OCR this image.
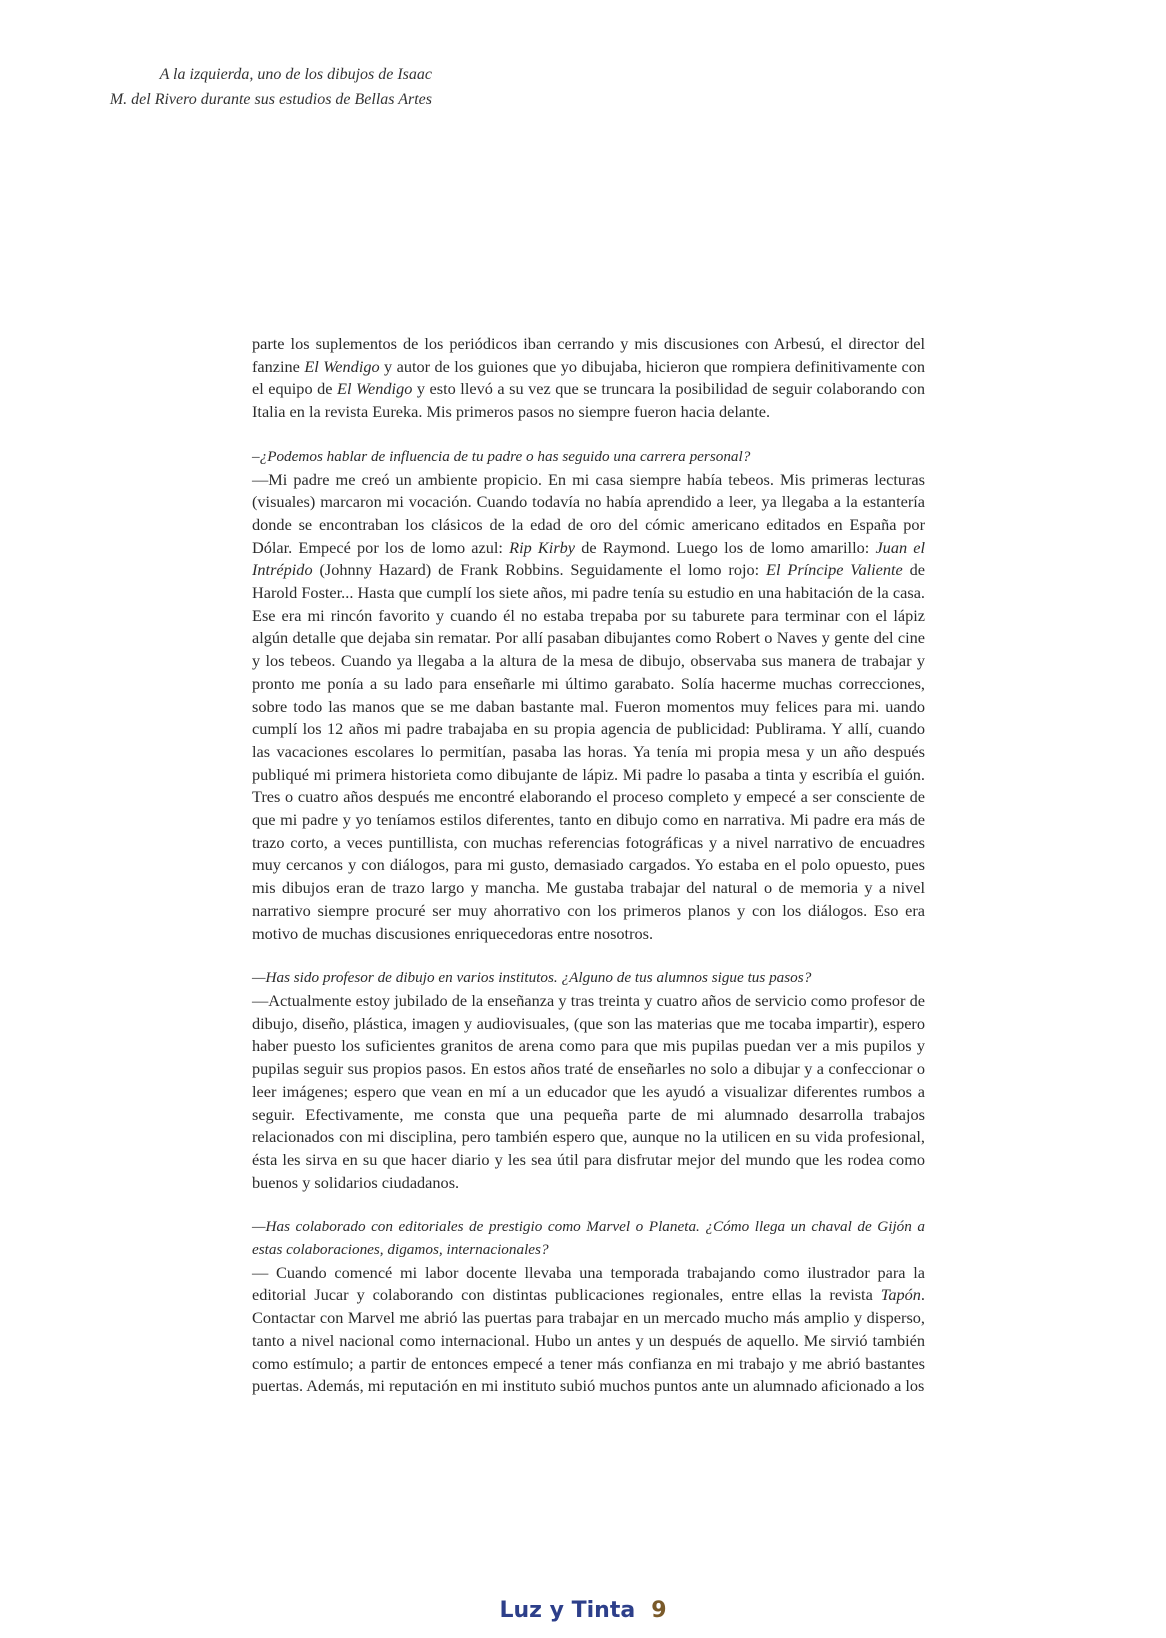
A la izquierda, uno de los dibujos de Isaac

M. del Rivero durante sus estudios de Bellas Artes

parte los suplementos de los periódicos iban cerrando y mis discusiones con Arbesú, el director del fanzine El Wendigo y autor de los guiones que yo dibujaba, hicieron que rompiera definitivamente con el equipo de El Wendigo y esto llevó a su vez que se truncara la posibilidad de seguir colaborando con Italia en la revista Eureka. Mis primeros pasos no siempre fueron hacia delante.

–¿Podemos hablar de influencia de tu padre o has seguido una carrera personal?

—Mi padre me creó un ambiente propicio. En mi casa siempre había tebeos. Mis primeras lecturas (visuales) marcaron mi vocación. Cuando todavía no había aprendido a leer, ya llegaba a la estantería donde se encontraban los clásicos de la edad de oro del cómic americano editados en España por Dólar. Empecé por los de lomo azul: Rip Kirby de Raymond. Luego los de lomo amarillo: Juan el Intrépido (Johnny Hazard) de Frank Robbins. Seguidamente el lomo rojo: El Príncipe Valiente de Harold Foster... Hasta que cumplí los siete años, mi padre tenía su estudio en una habitación de la casa. Ese era mi rincón favorito y cuando él no estaba trepaba por su taburete para terminar con el lápiz algún detalle que dejaba sin rematar. Por allí pasaban dibujantes como Robert o Naves y gente del cine y los tebeos. Cuando ya llegaba a la altura de la mesa de dibujo, observaba sus manera de trabajar y pronto me ponía a su lado para enseñarle mi último garabato. Solía hacerme muchas correcciones, sobre todo las manos que se me daban bastante mal. Fueron momentos muy felices para mi. uando cumplí los 12 años mi padre trabajaba en su propia agencia de publicidad: Publirama. Y allí, cuando las vacaciones escolares lo permitían, pasaba las horas. Ya tenía mi propia mesa y un año después publiqué mi primera historieta como dibujante de lápiz. Mi padre lo pasaba a tinta y escribía el guión. Tres o cuatro años después me encontré elaborando el proceso completo y empecé a ser consciente de que mi padre y yo teníamos estilos diferentes, tanto en dibujo como en narrativa. Mi padre era más de trazo corto, a veces puntillista, con muchas referencias fotográficas y a nivel narrativo de encuadres muy cercanos y con diálogos, para mi gusto, demasiado cargados. Yo estaba en el polo opuesto, pues mis dibujos eran de trazo largo y mancha. Me gustaba trabajar del natural o de memoria y a nivel narrativo siempre procuré ser muy ahorrativo con los primeros planos y con los diálogos. Eso era motivo de muchas discusiones enriquecedoras entre nosotros.

—Has sido profesor de dibujo en varios institutos. ¿Alguno de tus alumnos sigue tus pasos?

—Actualmente estoy jubilado de la enseñanza y tras treinta y cuatro años de servicio como profesor de dibujo, diseño, plástica, imagen y audiovisuales, (que son las materias que me tocaba impartir), espero haber puesto los suficientes granitos de arena como para que mis pupilas puedan ver a mis pupilos y pupilas seguir sus propios pasos. En estos años traté de enseñarles no solo a dibujar y a confeccionar o leer imágenes; espero que vean en mí a un educador que les ayudó a visualizar diferentes rumbos a seguir. Efectivamente, me consta que una pequeña parte de mi alumnado desarrolla trabajos relacionados con mi disciplina, pero también espero que, aunque no la utilicen en su vida profesional, ésta les sirva en su que hacer diario y les sea útil para disfrutar mejor del mundo que les rodea como buenos y solidarios ciudadanos.

—Has colaborado con editoriales de prestigio como Marvel o Planeta. ¿Cómo llega un chaval de Gijón a estas colaboraciones, digamos, internacionales?

— Cuando comencé mi labor docente llevaba una temporada trabajando como ilustrador para la editorial Jucar y colaborando con distintas publicaciones regionales, entre ellas la revista Tapón. Contactar con Marvel me abrió las puertas para trabajar en un mercado mucho más amplio y disperso, tanto a nivel nacional como internacional. Hubo un antes y un después de aquello. Me sirvió también como estímulo; a partir de entonces empecé a tener más confianza en mi trabajo y me abrió bastantes puertas. Además, mi reputación en mi instituto subió muchos puntos ante un alumnado aficionado a los

Luz y Tinta 9
